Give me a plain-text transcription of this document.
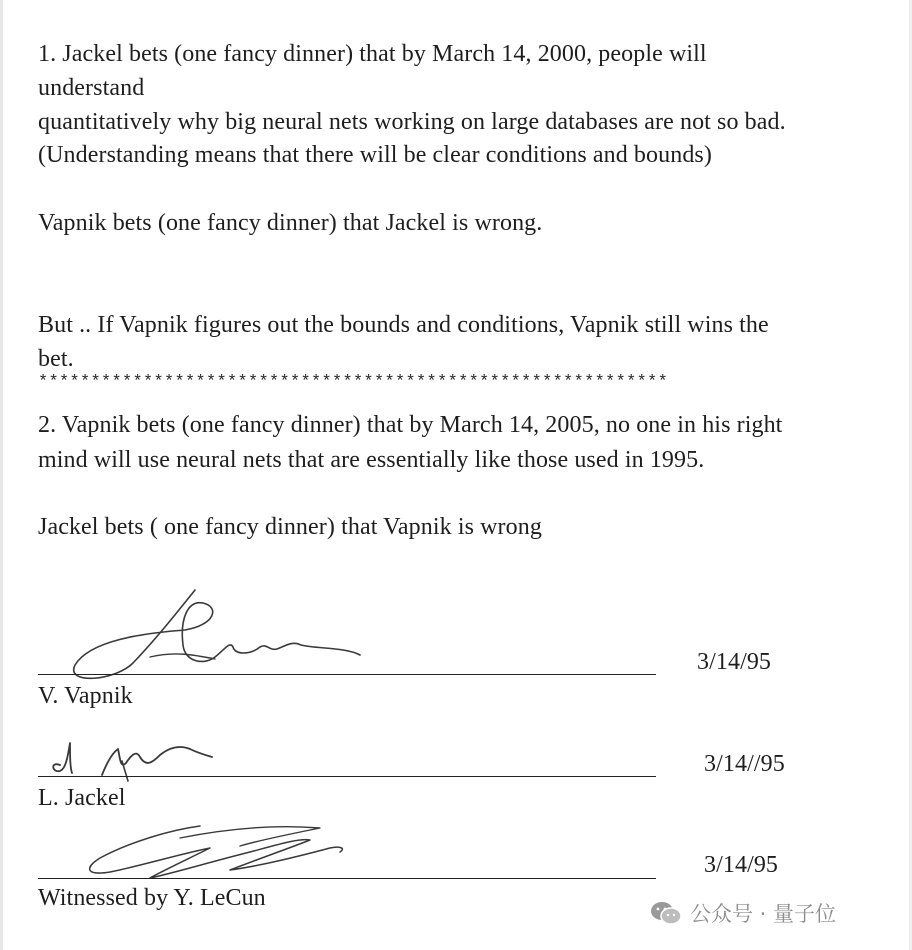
1. Jackel bets (one fancy dinner) that by March 14, 2000, people will
understand
quantitatively why big neural nets working on large databases are not so bad.
(Understanding means that there will be clear conditions and bounds)
Vapnik bets (one fancy dinner) that Jackel is wrong.
But .. If Vapnik figures out the bounds and conditions, Vapnik still wins the
bet.
************************************************************
2. Vapnik bets (one fancy dinner) that by March 14, 2005, no one in his right
mind will use neural nets that are essentially like those used in 1995.
Jackel bets ( one fancy dinner) that Vapnik is wrong
3/14/95
V. Vapnik
3/14//95
L. Jackel
3/14/95
Witnessed by Y. LeCun
公众号 · 量子位
